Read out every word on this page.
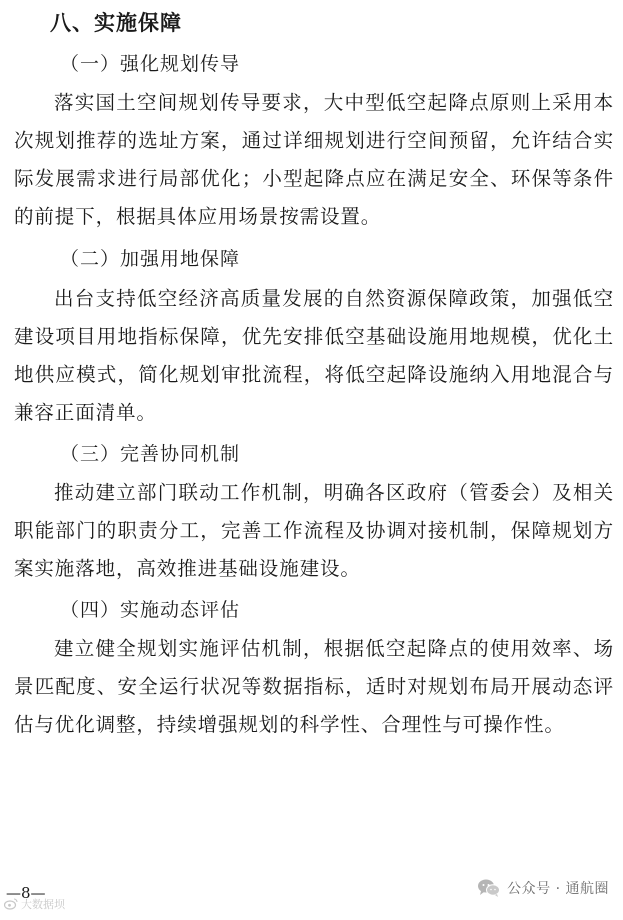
八、实施保障
（一）强化规划传导

落实国土空间规划传导要求，大中型低空起降点原则上采用本次规划推荐的选址方案，通过详细规划进行空间预留，允许结合实际发展需求进行局部优化；小型起降点应在满足安全、环保等条件的前提下，根据具体应用场景按需设置。

（二）加强用地保障

出台支持低空经济高质量发展的自然资源保障政策，加强低空建设项目用地指标保障，优先安排低空基础设施用地规模，优化土地供应模式，简化规划审批流程，将低空起降设施纳入用地混合与兼容正面清单。

（三）完善协同机制

推动建立部门联动工作机制，明确各区政府（管委会）及相关职能部门的职责分工，完善工作流程及协调对接机制，保障规划方案实施落地，高效推进基础设施建设。

（四）实施动态评估

建立健全规划实施评估机制，根据低空起降点的使用效率、场景匹配度、安全运行状况等数据指标，适时对规划布局开展动态评估与优化调整，持续增强规划的科学性、合理性与可操作性。

—8—
大数据坝
公众号 · 通航圈
